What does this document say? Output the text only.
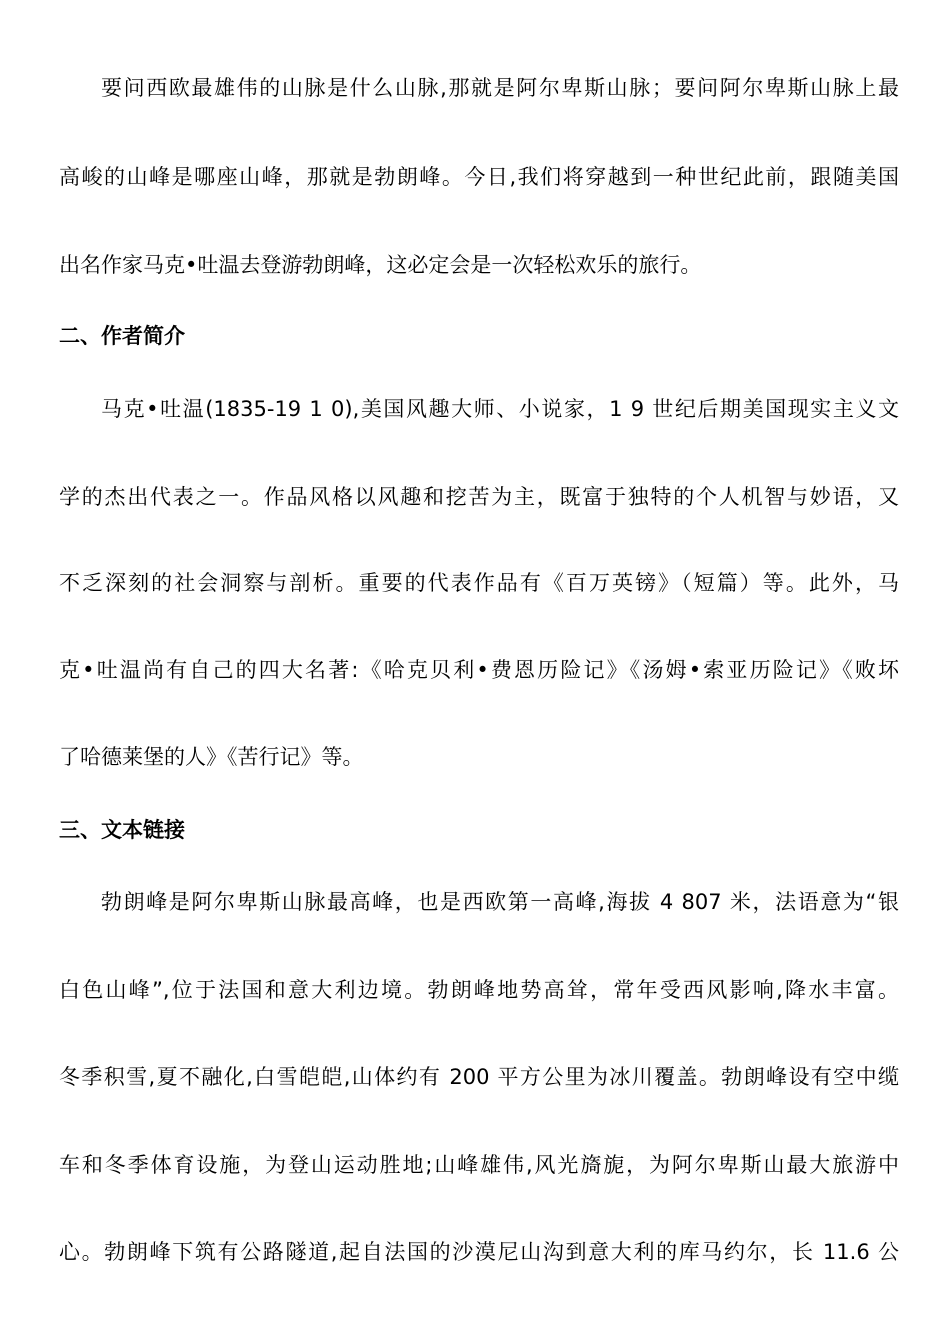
要问西欧最雄伟的山脉是什么山脉,那就是阿尔卑斯山脉；要问阿尔卑斯山脉上最
高峻的山峰是哪座山峰，那就是勃朗峰。今日,我们将穿越到一种世纪此前，跟随美国
出名作家马克•吐温去登游勃朗峰，这必定会是一次轻松欢乐的旅行。
二、作者简介
马克•吐温(1835-19 1 0),美国风趣大师、小说家，1 9 世纪后期美国现实主义文
学的杰出代表之一。作品风格以风趣和挖苦为主，既富于独特的个人机智与妙语，又
不乏深刻的社会洞察与剖析。重要的代表作品有《百万英镑》（短篇）等。此外，马
克•吐温尚有自己的四大名著:《哈克贝利•费恩历险记》《汤姆•索亚历险记》《败坏
了哈德莱堡的人》《苦行记》等。
三、文本链接
勃朗峰是阿尔卑斯山脉最高峰，也是西欧第一高峰,海拔 4 807 米，法语意为“银
白色山峰”,位于法国和意大利边境。勃朗峰地势高耸，常年受西风影响,降水丰富。
冬季积雪,夏不融化,白雪皑皑,山体约有 200 平方公里为冰川覆盖。勃朗峰设有空中缆
车和冬季体育设施，为登山运动胜地;山峰雄伟,风光旖旎，为阿尔卑斯山最大旅游中
心。勃朗峰下筑有公路隧道,起自法国的沙漠尼山沟到意大利的库马约尔，长 11.6 公
